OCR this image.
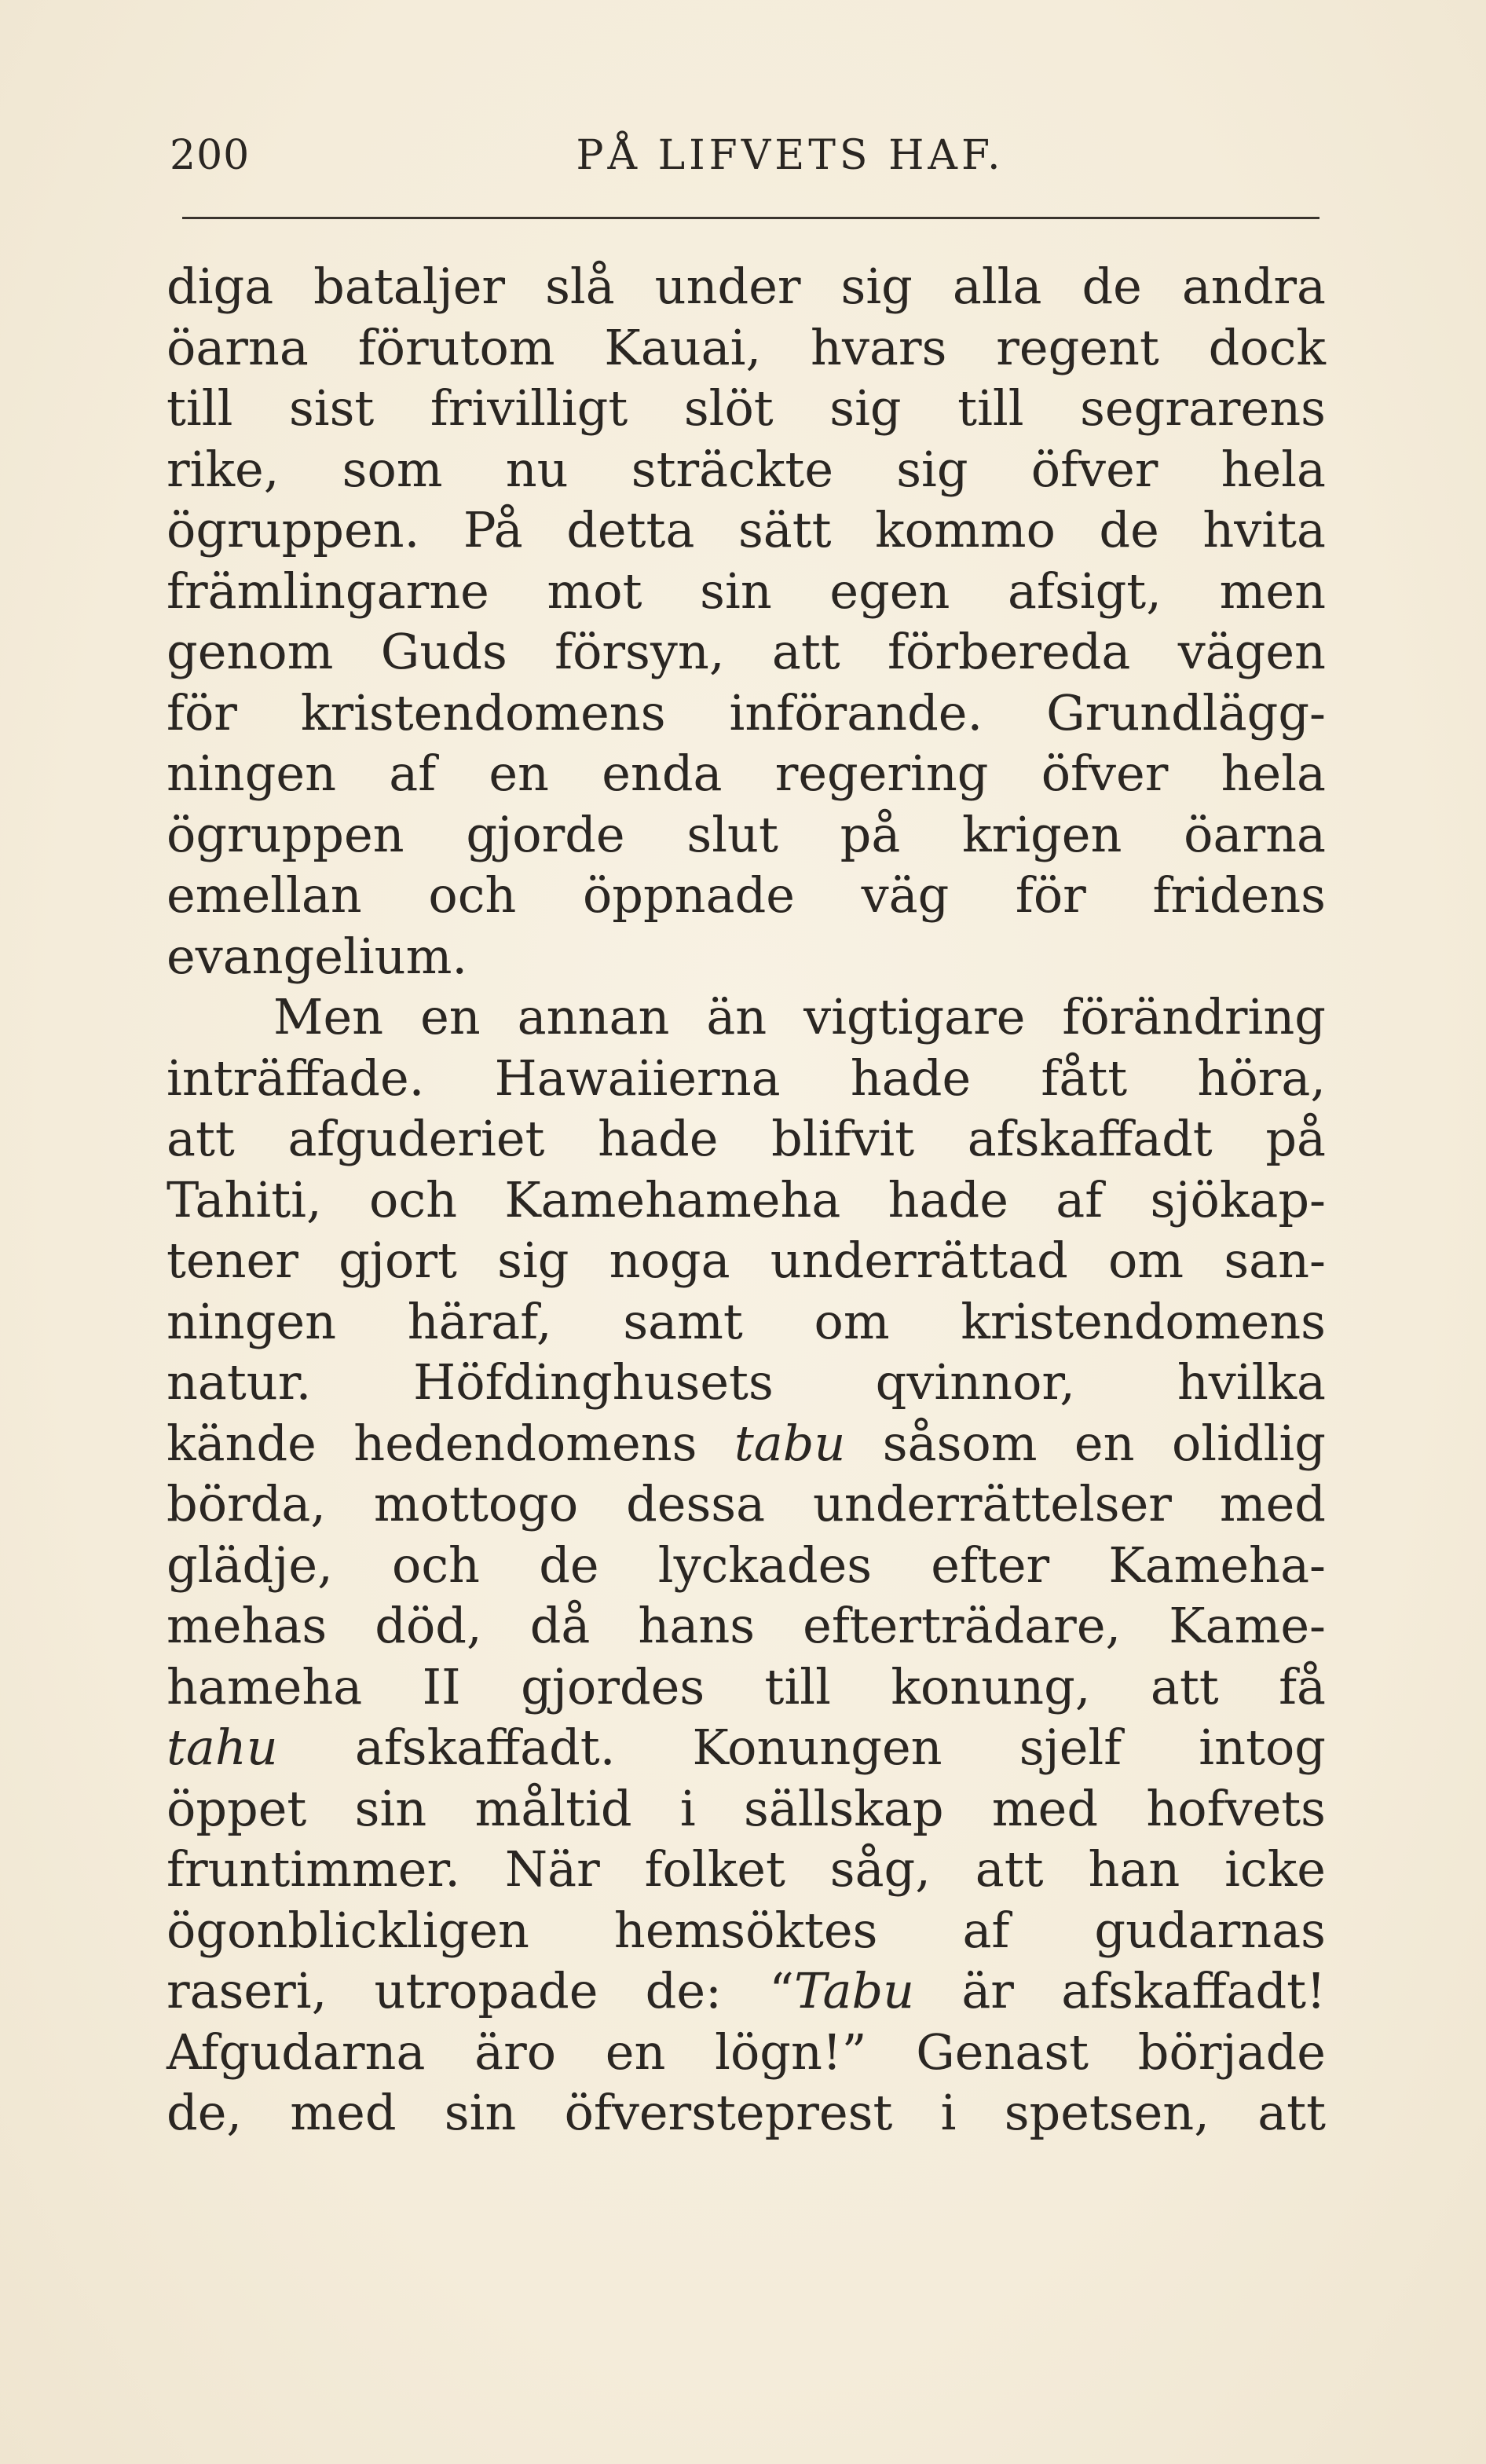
200	PÅ LIFVETS HAF.
diga bataljer slå under sig alla de andra
öarna förutom Kauai, hvars regent dock
till sist frivilligt slöt sig till segrarens
rike, som nu sträckte sig öfver hela
ögruppen. På detta sätt kommo de hvita
främlingarne mot sin egen afsigt, men
genom Guds försyn, att förbereda vägen
för kristendomens införande. Grundlägg-
ningen af en enda regering öfver hela
ögruppen gjorde slut på krigen öarna
emellan och öppnade väg för fridens
evangelium.
Men en annan än vigtigare förändring
inträffade. Hawaiierna hade fått höra,
att afguderiet hade blifvit afskaffadt på
Tahiti, och Kamehameha hade af sjökap-
tener gjort sig noga underrättad om san-
ningen häraf, samt om kristendomens
natur. Höfdinghusets qvinnor, hvilka
kände hedendomens tabu såsom en olidlig
börda, mottogo dessa underrättelser med
glädje, och de lyckades efter Kameha-
mehas död, då hans efterträdare, Kame-
hameha II gjordes till konung, att få
tahu afskaffadt. Konungen sjelf intog
öppet sin måltid i sällskap med hofvets
fruntimmer. När folket såg, att han icke
ögonblickligen hemsöktes af gudarnas
raseri, utropade de: “Tabu är afskaffadt!
Afgudarna äro en lögn!” Genast började
de, med sin öfversteprest i spetsen, att
